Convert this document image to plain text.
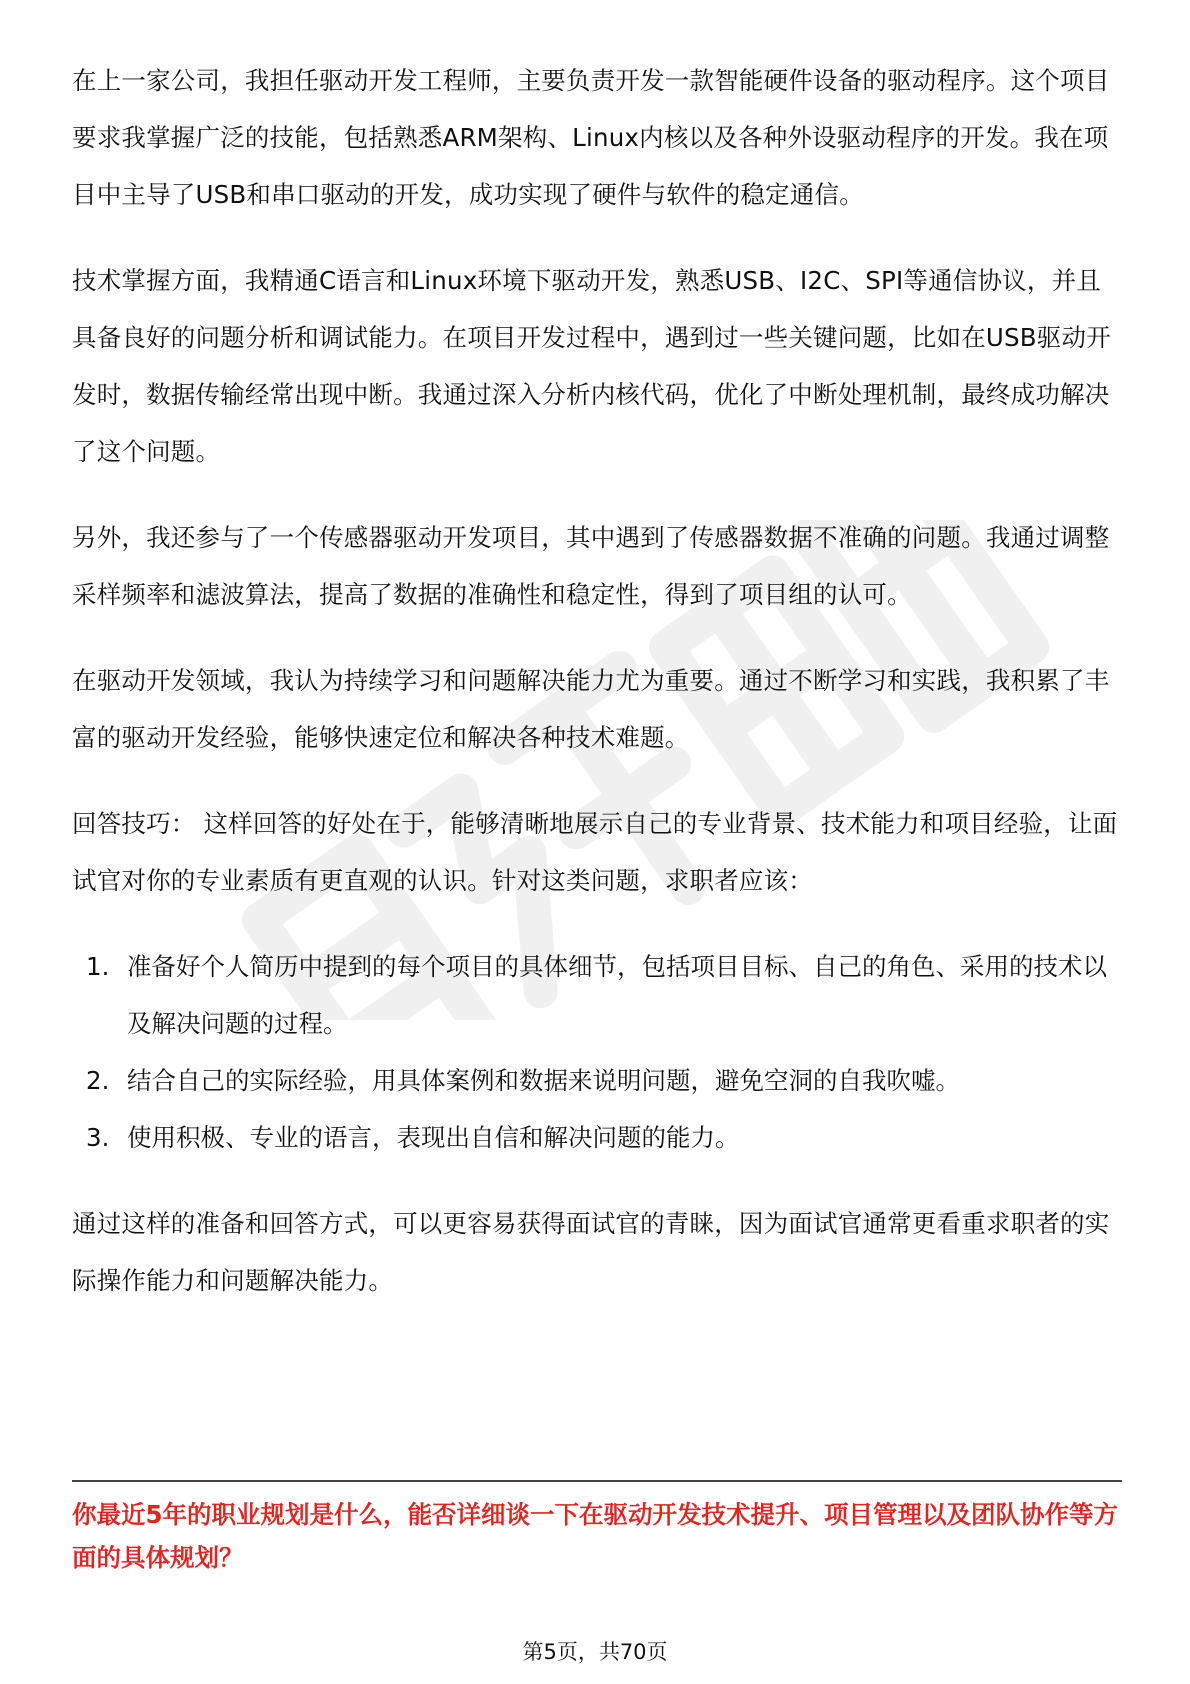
在上一家公司，我担任驱动开发工程师，主要负责开发一款智能硬件设备的驱动程序。这个项目要求我掌握广泛的技能，包括熟悉ARM架构、Linux内核以及各种外设驱动程序的开发。我在项目中主导了USB和串口驱动的开发，成功实现了硬件与软件的稳定通信。

技术掌握方面，我精通C语言和Linux环境下驱动开发，熟悉USB、I2C、SPI等通信协议，并且具备良好的问题分析和调试能力。在项目开发过程中，遇到过一些关键问题，比如在USB驱动开发时，数据传输经常出现中断。我通过深入分析内核代码，优化了中断处理机制，最终成功解决了这个问题。

另外，我还参与了一个传感器驱动开发项目，其中遇到了传感器数据不准确的问题。我通过调整采样频率和滤波算法，提高了数据的准确性和稳定性，得到了项目组的认可。

在驱动开发领域，我认为持续学习和问题解决能力尤为重要。通过不断学习和实践，我积累了丰富的驱动开发经验，能够快速定位和解决各种技术难题。

回答技巧： 这样回答的好处在于，能够清晰地展示自己的专业背景、技术能力和项目经验，让面试官对你的专业素质有更直观的认识。针对这类问题，求职者应该：

1. 准备好个人简历中提到的每个项目的具体细节，包括项目目标、自己的角色、采用的技术以及解决问题的过程。
2. 结合自己的实际经验，用具体案例和数据来说明问题，避免空洞的自我吹嘘。
3. 使用积极、专业的语言，表现出自信和解决问题的能力。

通过这样的准备和回答方式，可以更容易获得面试官的青睐，因为面试官通常更看重求职者的实际操作能力和问题解决能力。

你最近5年的职业规划是什么，能否详细谈一下在驱动开发技术提升、项目管理以及团队协作等方面的具体规划？
第5页，共70页
